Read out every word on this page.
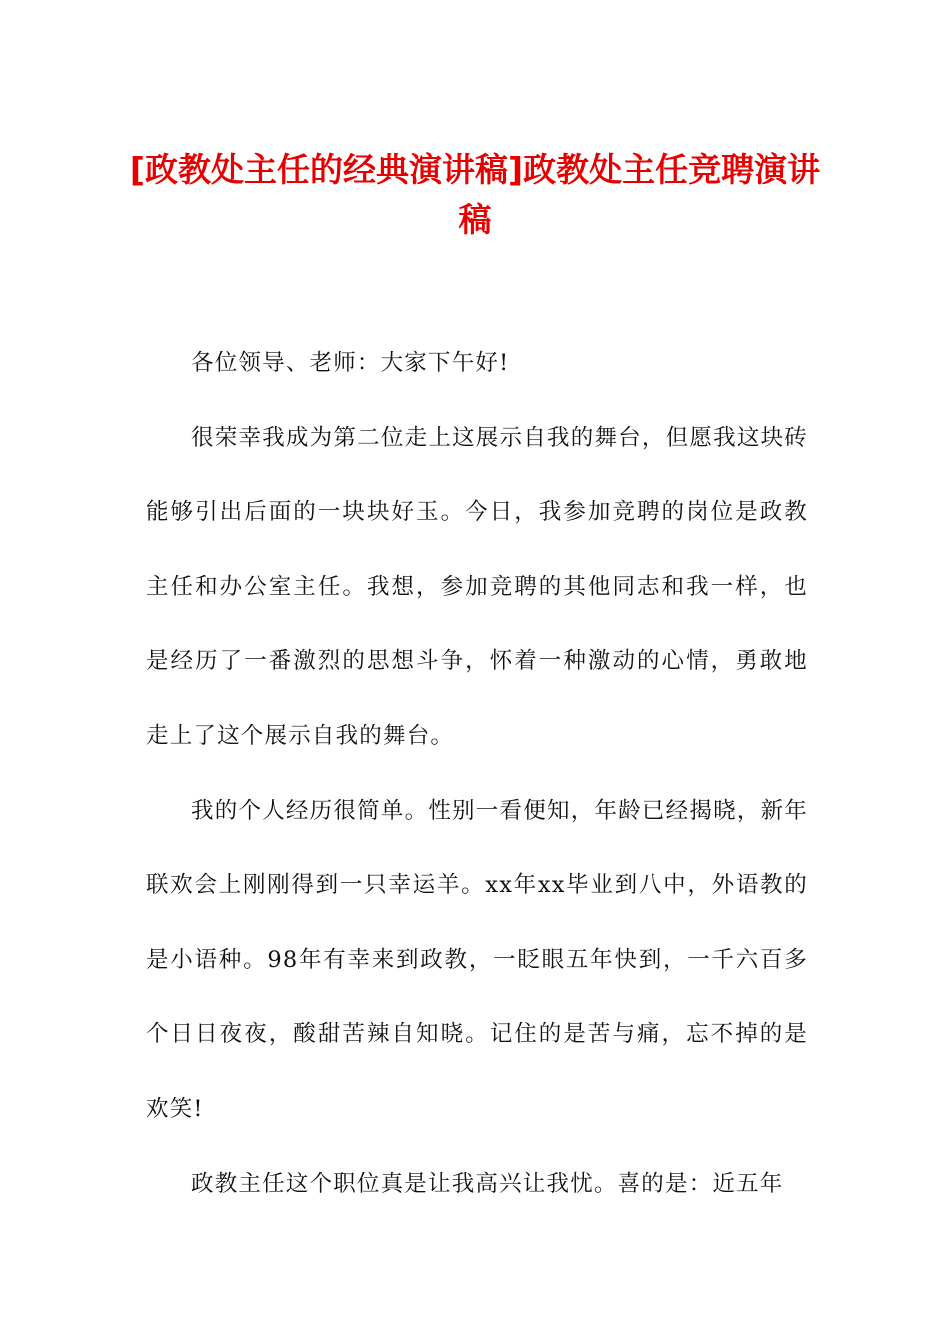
[政教处主任的经典演讲稿]政教处主任竞聘演讲稿

各位领导、老师：大家下午好!

很荣幸我成为第二位走上这展示自我的舞台，但愿我这块砖能够引出后面的一块块好玉。今日，我参加竞聘的岗位是政教主任和办公室主任。我想，参加竞聘的其他同志和我一样，也是经历了一番激烈的思想斗争，怀着一种激动的心情，勇敢地走上了这个展示自我的舞台。

我的个人经历很简单。性别一看便知，年龄已经揭晓，新年联欢会上刚刚得到一只幸运羊。xx年xx毕业到八中，外语教的是小语种。98年有幸来到政教，一眨眼五年快到，一千六百多个日日夜夜，酸甜苦辣自知晓。记住的是苦与痛，忘不掉的是欢笑!

政教主任这个职位真是让我高兴让我忧。喜的是：近五年
